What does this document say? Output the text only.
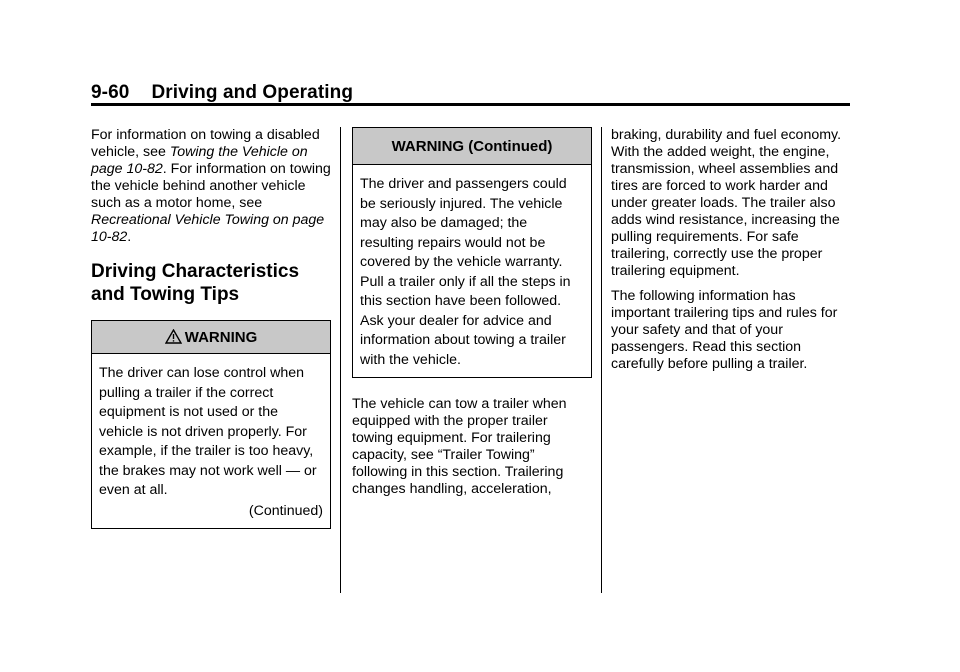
9-60 Driving and Operating

For information on towing a disabled vehicle, see Towing the Vehicle on page 10-82. For information on towing the vehicle behind another vehicle such as a motor home, see Recreational Vehicle Towing on page 10-82.

Driving Characteristics and Towing Tips
WARNING
The driver can lose control when pulling a trailer if the correct equipment is not used or the vehicle is not driven properly. For example, if the trailer is too heavy, the brakes may not work well — or even at all.
(Continued)
WARNING (Continued)
The driver and passengers could be seriously injured. The vehicle may also be damaged; the resulting repairs would not be covered by the vehicle warranty. Pull a trailer only if all the steps in this section have been followed. Ask your dealer for advice and information about towing a trailer with the vehicle.

The vehicle can tow a trailer when equipped with the proper trailer towing equipment. For trailering capacity, see “Trailer Towing” following in this section. Trailering changes handling, acceleration,

braking, durability and fuel economy. With the added weight, the engine, transmission, wheel assemblies and tires are forced to work harder and under greater loads. The trailer also adds wind resistance, increasing the pulling requirements. For safe trailering, correctly use the proper trailering equipment.

The following information has important trailering tips and rules for your safety and that of your passengers. Read this section carefully before pulling a trailer.
